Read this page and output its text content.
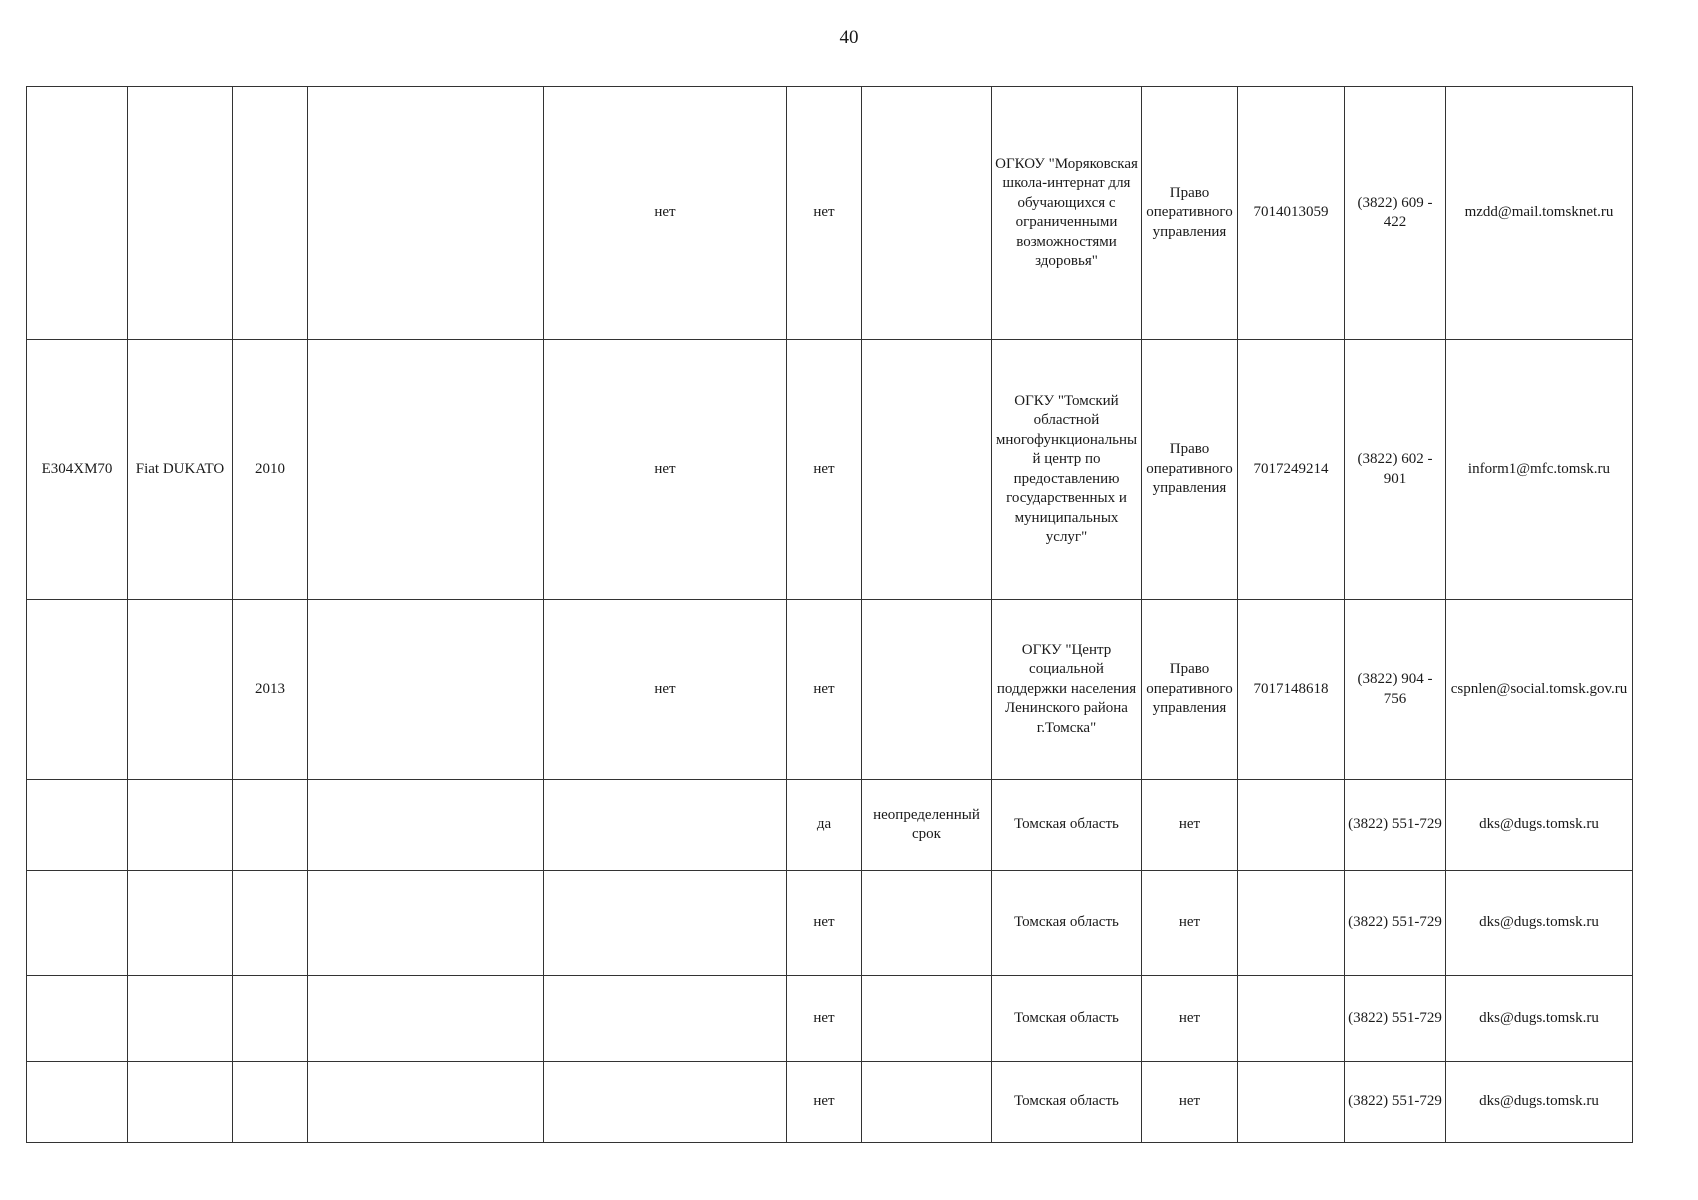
40
				нет	нет		ОГКОУ "Моряковская школа-интернат для обучающихся с ограниченными возможностями здоровья"	Право оперативного управления	7014013059	(3822) 609 - 422	mzdd@mail.tomsknet.ru
Е304ХМ70	Fiat DUKATO	2010		нет	нет		ОГКУ "Томский областной многофункциональный центр по предоставлению государственных и муниципальных услуг"	Право оперативного управления	7017249214	(3822) 602 - 901	inform1@mfc.tomsk.ru
		2013		нет	нет		ОГКУ "Центр социальной поддержки населения Ленинского района г.Томска"	Право оперативного управления	7017148618	(3822) 904 - 756	cspnlen@social.tomsk.gov.ru
					да	неопределенный срок	Томская область	нет		(3822) 551-729	dks@dugs.tomsk.ru
					нет		Томская область	нет		(3822) 551-729	dks@dugs.tomsk.ru
					нет		Томская область	нет		(3822) 551-729	dks@dugs.tomsk.ru
					нет		Томская область	нет		(3822) 551-729	dks@dugs.tomsk.ru
